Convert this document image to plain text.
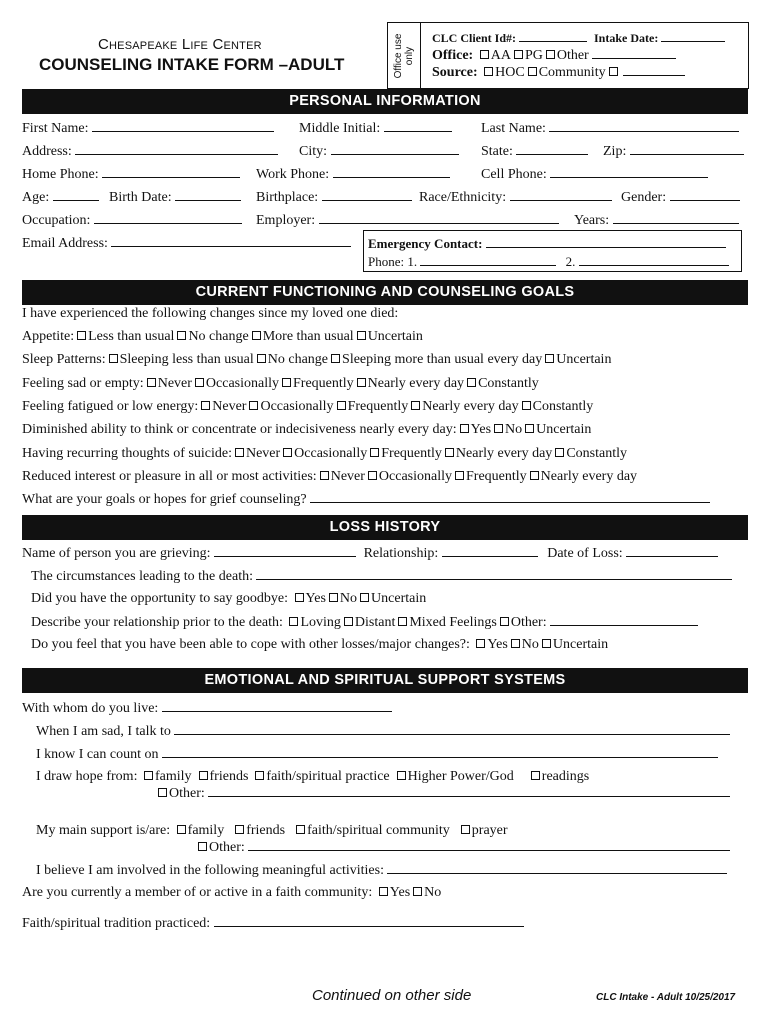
Chesapeake Life Center
COUNSELING INTAKE FORM –ADULT	Office use only
CLC Client Id#:	Intake Date:
Office: AA PG Other
Source: HOC Community
PERSONAL INFORMATION
First Name:	Middle Initial:	Last Name:
Address:	City:	State:	Zip:
Home Phone:	Work Phone:	Cell Phone:
Age:	Birth Date:	Birthplace:	Race/Ethnicity:	Gender:
Occupation:	Employer:	Years:
Email Address:	Emergency Contact:
Phone: 1.	2.
CURRENT FUNCTIONING AND COUNSELING GOALS
I have experienced the following changes since my loved one died:
Appetite: Less than usual No change More than usual Uncertain
Sleep Patterns: Sleeping less than usual No change Sleeping more than usual every day Uncertain
Feeling sad or empty: Never Occasionally Frequently Nearly every day Constantly
Feeling fatigued or low energy: Never Occasionally Frequently Nearly every day Constantly
Diminished ability to think or concentrate or indecisiveness nearly every day: Yes No Uncertain
Having recurring thoughts of suicide: Never Occasionally Frequently Nearly every day Constantly
Reduced interest or pleasure in all or most activities: Never Occasionally Frequently Nearly every day
What are your goals or hopes for grief counseling?
LOSS HISTORY
Name of person you are grieving:	Relationship:	Date of Loss:
The circumstances leading to the death:
Did you have the opportunity to say goodbye: Yes No Uncertain
Describe your relationship prior to the death: Loving Distant Mixed Feelings Other:
Do you feel that you have been able to cope with other losses/major changes?: Yes No Uncertain
EMOTIONAL AND SPIRITUAL SUPPORT SYSTEMS
With whom do you live:
When I am sad, I talk to
I know I can count on
I draw hope from: family friends faith/spiritual practice Higher Power/God readings
Other:
My main support is/are: family friends faith/spiritual community prayer
Other:
I believe I am involved in the following meaningful activities:
Are you currently a member of or active in a faith community: Yes No
Faith/spiritual tradition practiced:
Continued on other side	CLC Intake - Adult 10/25/2017
